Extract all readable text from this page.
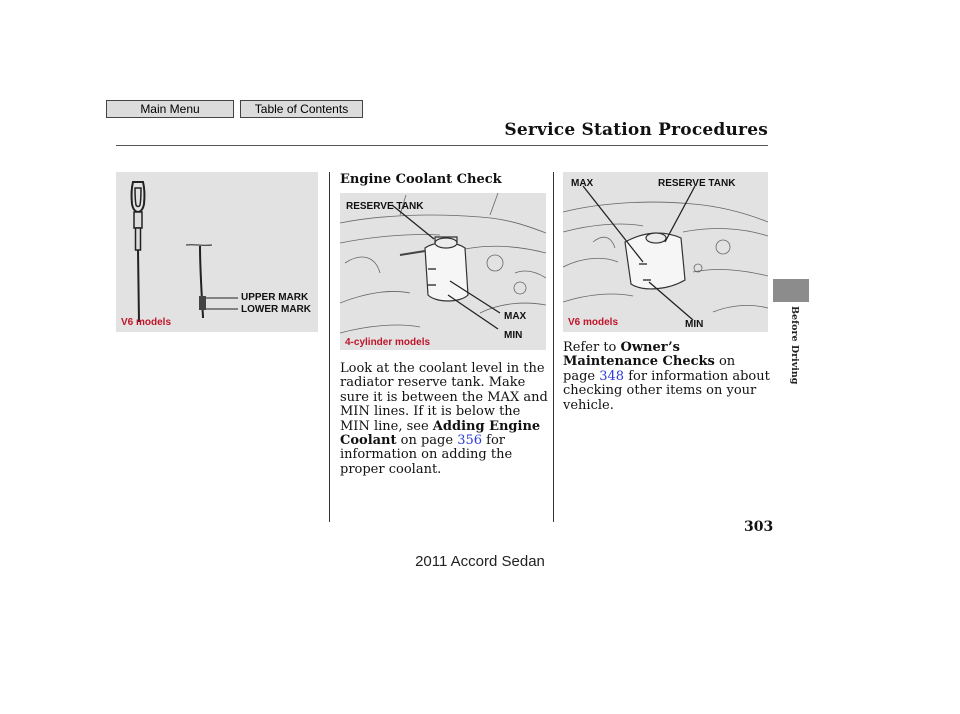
Main Menu	Table of Contents
Service Station Procedures
Before Driving
UPPER MARK
LOWER MARK
V6 models
Engine Coolant Check
RESERVE TANK
MAX
MIN
4-cylinder models
MAX	RESERVE TANK
V6 models	MIN
Look at the coolant level in the radiator reserve tank. Make sure it is between the MAX and MIN lines. If it is below the MIN line, see Adding Engine Coolant on page 356 for information on adding the proper coolant.
Refer to Owner’s Maintenance Checks on page 348 for information about checking other items on your vehicle.
303
2011 Accord Sedan
